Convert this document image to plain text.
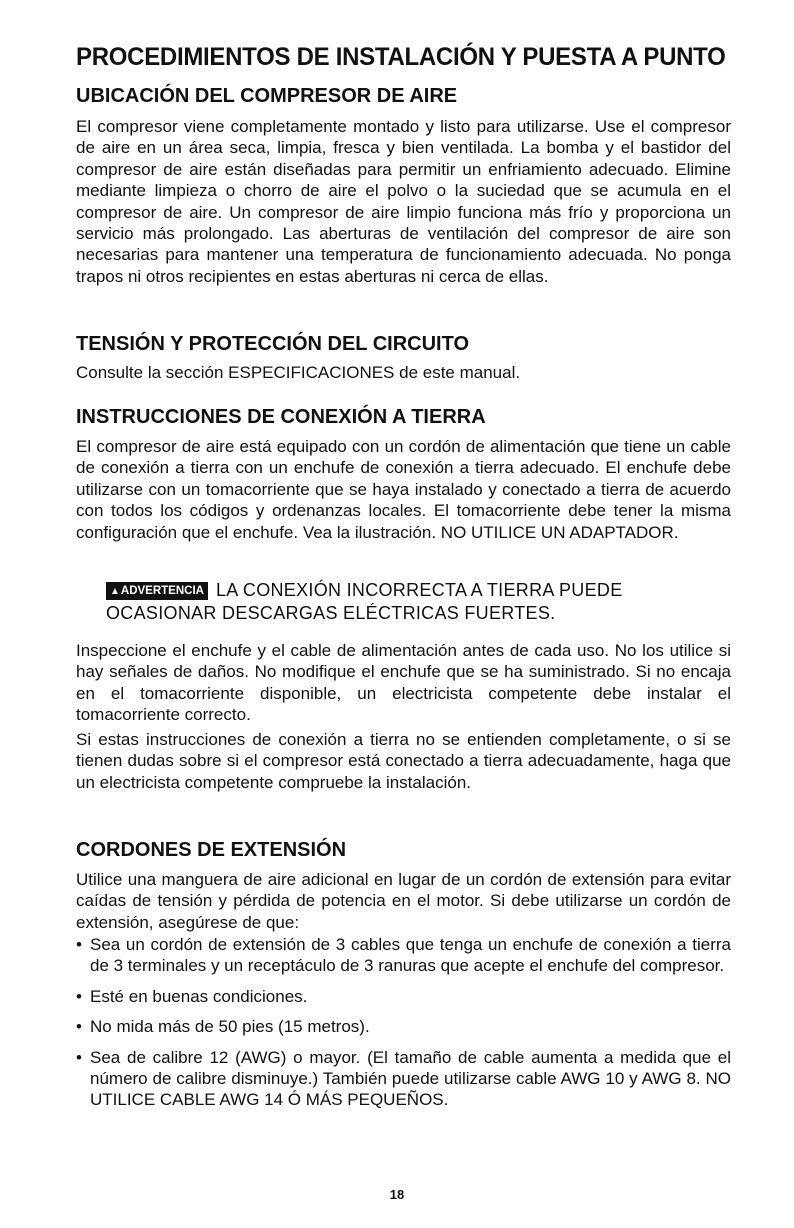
PROCEDIMIENTOS DE INSTALACIÓN Y PUESTA A PUNTO
UBICACIÓN DEL COMPRESOR DE AIRE
El compresor viene completamente montado y listo para utilizarse. Use el compresor de aire en un área seca, limpia, fresca y bien ventilada. La bomba y el bastidor del compresor de aire están diseñadas para permitir un enfriamiento adecuado. Elimine mediante limpieza o chorro de aire el polvo o la suciedad que se acumula en el compresor de aire. Un compresor de aire limpio funciona más frío y proporciona un servicio más prolongado. Las aberturas de ventilación del compresor de aire son necesarias para mantener una temperatura de funcionamiento adecuada. No ponga trapos ni otros recipientes en estas aberturas ni cerca de ellas.
TENSIÓN Y PROTECCIÓN DEL CIRCUITO
Consulte la sección ESPECIFICACIONES de este manual.
INSTRUCCIONES DE CONEXIÓN A TIERRA
El compresor de aire está equipado con un cordón de alimentación que tiene un cable de conexión a tierra con un enchufe de conexión a tierra adecuado. El enchufe debe utilizarse con un tomacorriente que se haya instalado y conectado a tierra de acuerdo con todos los códigos y ordenanzas locales. El tomacorriente debe tener la misma configuración que el enchufe. Vea la ilustración. NO UTILICE UN ADAPTADOR.
▲ADVERTENCIA LA CONEXIÓN INCORRECTA A TIERRA PUEDE OCASIONAR DESCARGAS ELÉCTRICAS FUERTES.
Inspeccione el enchufe y el cable de alimentación antes de cada uso. No los utilice si hay señales de daños. No modifique el enchufe que se ha suministrado. Si no encaja en el tomacorriente disponible, un electricista competente debe instalar el tomacorriente correcto.
Si estas instrucciones de conexión a tierra no se entienden completamente, o si se tienen dudas sobre si el compresor está conectado a tierra adecuadamente, haga que un electricista competente compruebe la instalación.
CORDONES DE EXTENSIÓN
Utilice una manguera de aire adicional en lugar de un cordón de extensión para evitar caídas de tensión y pérdida de potencia en el motor. Si debe utilizarse un cordón de extensión, asegúrese de que:
• Sea un cordón de extensión de 3 cables que tenga un enchufe de conexión a tierra de 3 terminales y un receptáculo de 3 ranuras que acepte el enchufe del compresor.
• Esté en buenas condiciones.
• No mida más de 50 pies (15 metros).
• Sea de calibre 12 (AWG) o mayor. (El tamaño de cable aumenta a medida que el número de calibre disminuye.) También puede utilizarse cable AWG 10 y AWG 8. NO UTILICE CABLE AWG 14 Ó MÁS PEQUEÑOS.
18
